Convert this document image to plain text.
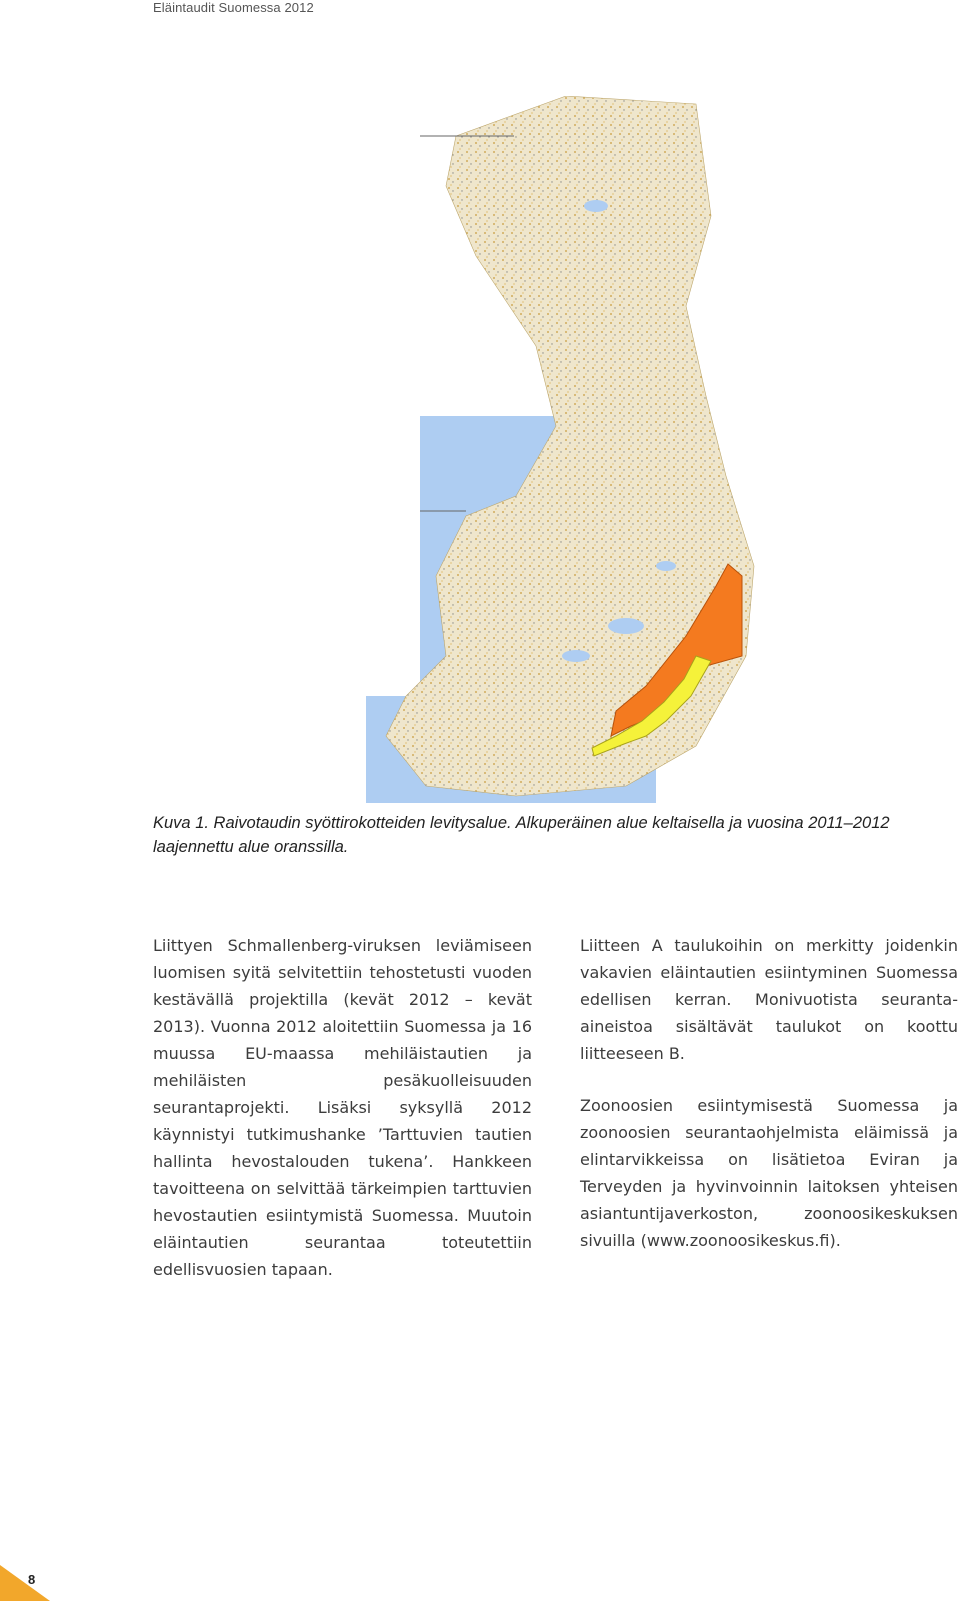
Eläintaudit Suomessa 2012
Kuva 1. Raivotaudin syöttirokotteiden levitysalue. Alkuperäinen alue keltaisella ja vuosina 2011–2012 laajennettu alue oranssilla.

Liittyen Schmallenberg-viruksen leviämiseen luomisen syitä selvitettiin tehostetusti vuoden kestävällä projektilla (kevät 2012 – kevät 2013). Vuonna 2012 aloitettiin Suomessa ja 16 muussa EU-maassa mehiläistautien ja mehiläisten pesäkuolleisuuden seurantaprojekti. Lisäksi syksyllä 2012 käynnistyi tutkimushanke ’Tarttuvien tautien hallinta hevostalouden tukena’. Hankkeen tavoitteena on selvittää tärkeimpien tarttuvien hevostautien esiintymistä Suomessa. Muutoin eläintautien seurantaa toteutettiin edellisvuosien tapaan.

Liitteen A taulukoihin on merkitty joidenkin vakavien eläintautien esiintyminen Suomessa edellisen kerran. Monivuotista seuranta-aineistoa sisältävät taulukot on koottu liitteeseen B.

Zoonoosien esiintymisestä Suomessa ja zoonoosien seurantaohjelmista eläimissä ja elintarvikkeissa on lisätietoa Eviran ja Terveyden ja hyvinvoinnin laitoksen yhteisen asiantuntijaverkoston, zoonoosikeskuksen sivuilla (www.zoonoosikeskus.fi).

8
